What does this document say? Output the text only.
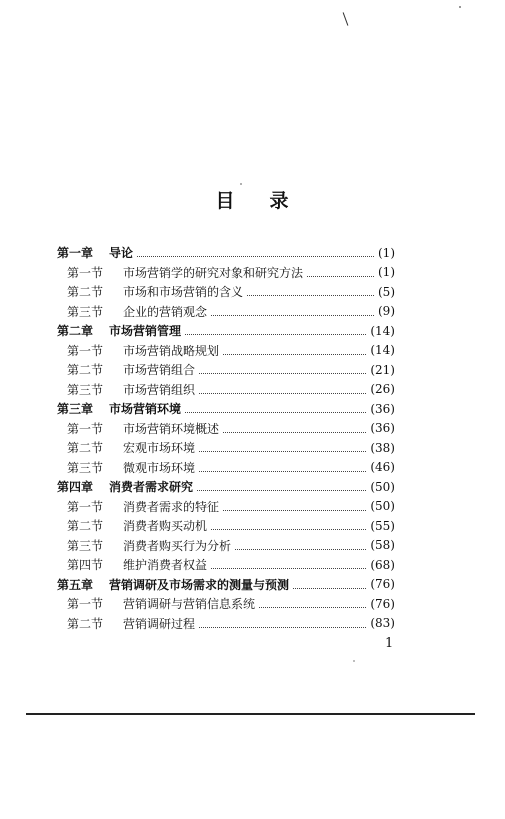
目 录
第一章	导论	(1)
第一节	市场营销学的研究对象和研究方法	(1)
第二节	市场和市场营销的含义	(5)
第三节	企业的营销观念	(9)
第二章	市场营销管理	(14)
第一节	市场营销战略规划	(14)
第二节	市场营销组合	(21)
第三节	市场营销组织	(26)
第三章	市场营销环境	(36)
第一节	市场营销环境概述	(36)
第二节	宏观市场环境	(38)
第三节	微观市场环境	(46)
第四章	消费者需求研究	(50)
第一节	消费者需求的特征	(50)
第二节	消费者购买动机	(55)
第三节	消费者购买行为分析	(58)
第四节	维护消费者权益	(68)
第五章	营销调研及市场需求的测量与预测	(76)
第一节	营销调研与营销信息系统	(76)
第二节	营销调研过程	(83)
1
